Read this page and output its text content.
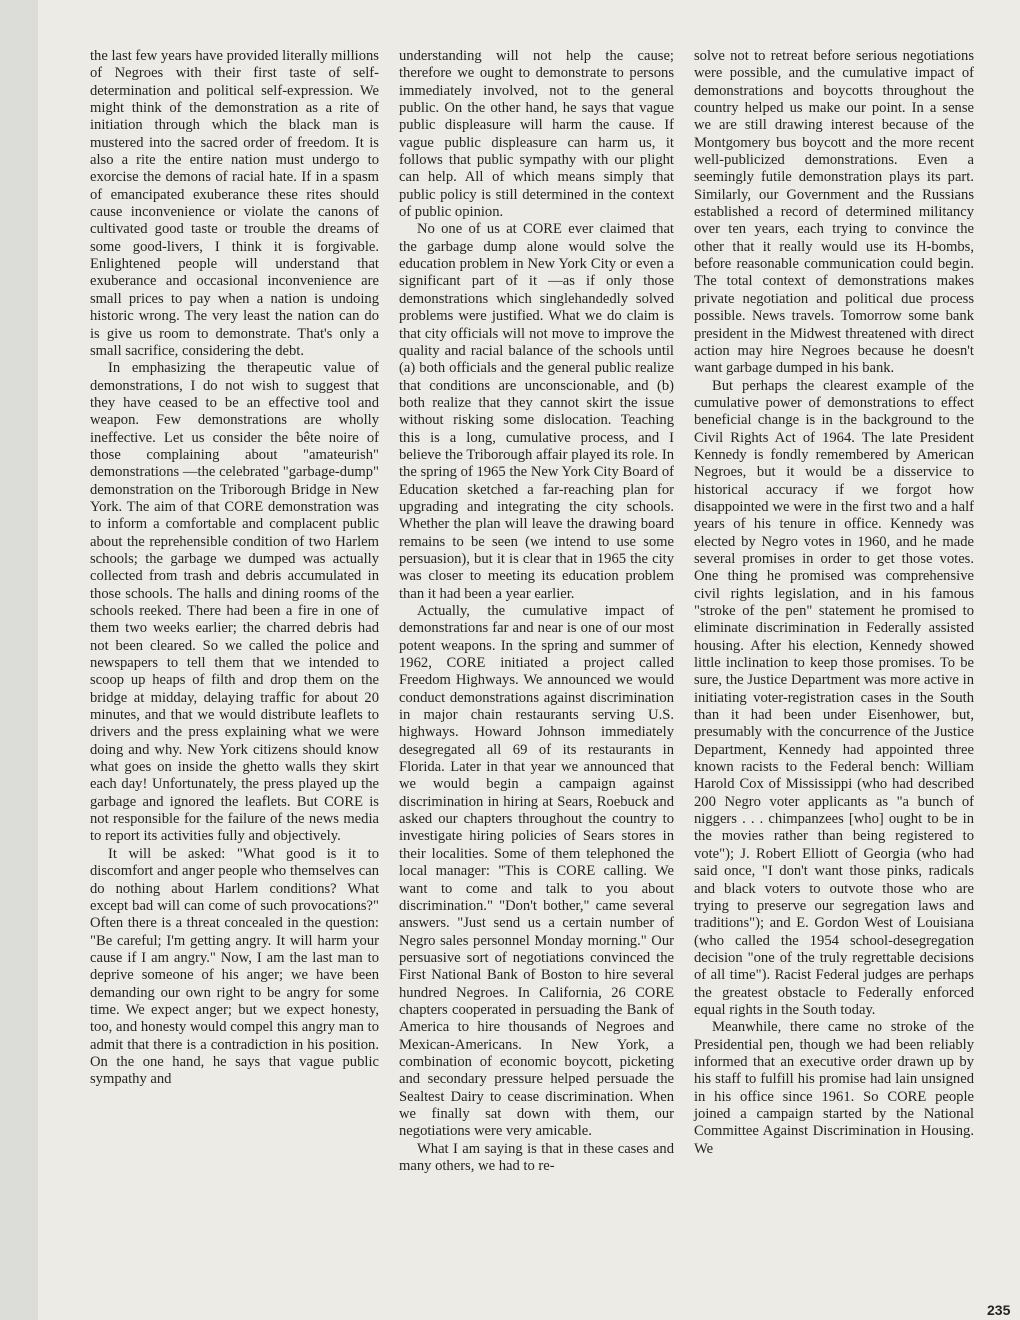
the last few years have provided literally millions of Negroes with their first taste of self-determination and political self-expression. We might think of the demonstration as a rite of initiation through which the black man is mustered into the sacred order of freedom. It is also a rite the entire nation must undergo to exorcise the demons of racial hate. If in a spasm of emancipated exuberance these rites should cause inconvenience or violate the canons of cultivated good taste or trouble the dreams of some good-livers, I think it is forgivable. Enlightened people will understand that exuberance and occasional inconvenience are small prices to pay when a nation is undoing historic wrong. The very least the nation can do is give us room to demonstrate. That's only a small sacrifice, considering the debt.

In emphasizing the therapeutic value of demonstrations, I do not wish to suggest that they have ceased to be an effective tool and weapon. Few demonstrations are wholly ineffective. Let us consider the bête noire of those complaining about "amateurish" demonstrations —the celebrated "garbage-dump" demonstration on the Triborough Bridge in New York. The aim of that CORE demonstration was to inform a comfortable and complacent public about the reprehensible condition of two Harlem schools; the garbage we dumped was actually collected from trash and debris accumulated in those schools. The halls and dining rooms of the schools reeked. There had been a fire in one of them two weeks earlier; the charred debris had not been cleared. So we called the police and newspapers to tell them that we intended to scoop up heaps of filth and drop them on the bridge at midday, delaying traffic for about 20 minutes, and that we would distribute leaflets to drivers and the press explaining what we were doing and why. New York citizens should know what goes on inside the ghetto walls they skirt each day! Unfortunately, the press played up the garbage and ignored the leaflets. But CORE is not responsible for the failure of the news media to report its activities fully and objectively.

It will be asked: "What good is it to discomfort and anger people who themselves can do nothing about Harlem conditions? What except bad will can come of such provocations?" Often there is a threat concealed in the question: "Be careful; I'm getting angry. It will harm your cause if I am angry." Now, I am the last man to deprive someone of his anger; we have been demanding our own right to be angry for some time. We expect anger; but we expect honesty, too, and honesty would compel this angry man to admit that there is a contradiction in his position. On the one hand, he says that vague public sympathy and

understanding will not help the cause; therefore we ought to demonstrate to persons immediately involved, not to the general public. On the other hand, he says that vague public displeasure will harm the cause. If vague public displeasure can harm us, it follows that public sympathy with our plight can help. All of which means simply that public policy is still determined in the context of public opinion.

No one of us at CORE ever claimed that the garbage dump alone would solve the education problem in New York City or even a significant part of it —as if only those demonstrations which singlehandedly solved problems were justified. What we do claim is that city officials will not move to improve the quality and racial balance of the schools until (a) both officials and the general public realize that conditions are unconscionable, and (b) both realize that they cannot skirt the issue without risking some dislocation. Teaching this is a long, cumulative process, and I believe the Triborough affair played its role. In the spring of 1965 the New York City Board of Education sketched a far-reaching plan for upgrading and integrating the city schools. Whether the plan will leave the drawing board remains to be seen (we intend to use some persuasion), but it is clear that in 1965 the city was closer to meeting its education problem than it had been a year earlier.

Actually, the cumulative impact of demonstrations far and near is one of our most potent weapons. In the spring and summer of 1962, CORE initiated a project called Freedom Highways. We announced we would conduct demonstrations against discrimination in major chain restaurants serving U.S. highways. Howard Johnson immediately desegregated all 69 of its restaurants in Florida. Later in that year we announced that we would begin a campaign against discrimination in hiring at Sears, Roebuck and asked our chapters throughout the country to investigate hiring policies of Sears stores in their localities. Some of them telephoned the local manager: "This is CORE calling. We want to come and talk to you about discrimination." "Don't bother," came several answers. "Just send us a certain number of Negro sales personnel Monday morning." Our persuasive sort of negotiations convinced the First National Bank of Boston to hire several hundred Negroes. In California, 26 CORE chapters cooperated in persuading the Bank of America to hire thousands of Negroes and Mexican-Americans. In New York, a combination of economic boycott, picketing and secondary pressure helped persuade the Sealtest Dairy to cease discrimination. When we finally sat down with them, our negotiations were very amicable.

What I am saying is that in these cases and many others, we had to re-

solve not to retreat before serious negotiations were possible, and the cumulative impact of demonstrations and boycotts throughout the country helped us make our point. In a sense we are still drawing interest because of the Montgomery bus boycott and the more recent well-publicized demonstrations. Even a seemingly futile demonstration plays its part. Similarly, our Government and the Russians established a record of determined militancy over ten years, each trying to convince the other that it really would use its H-bombs, before reasonable communication could begin. The total context of demonstrations makes private negotiation and political due process possible. News travels. Tomorrow some bank president in the Midwest threatened with direct action may hire Negroes because he doesn't want garbage dumped in his bank.

But perhaps the clearest example of the cumulative power of demonstrations to effect beneficial change is in the background to the Civil Rights Act of 1964. The late President Kennedy is fondly remembered by American Negroes, but it would be a disservice to historical accuracy if we forgot how disappointed we were in the first two and a half years of his tenure in office. Kennedy was elected by Negro votes in 1960, and he made several promises in order to get those votes. One thing he promised was comprehensive civil rights legislation, and in his famous "stroke of the pen" statement he promised to eliminate discrimination in Federally assisted housing. After his election, Kennedy showed little inclination to keep those promises. To be sure, the Justice Department was more active in initiating voter-registration cases in the South than it had been under Eisenhower, but, presumably with the concurrence of the Justice Department, Kennedy had appointed three known racists to the Federal bench: William Harold Cox of Mississippi (who had described 200 Negro voter applicants as "a bunch of niggers . . . chimpanzees [who] ought to be in the movies rather than being registered to vote"); J. Robert Elliott of Georgia (who had said once, "I don't want those pinks, radicals and black voters to outvote those who are trying to preserve our segregation laws and traditions"); and E. Gordon West of Louisiana (who called the 1954 school-desegregation decision "one of the truly regrettable decisions of all time"). Racist Federal judges are perhaps the greatest obstacle to Federally enforced equal rights in the South today.

Meanwhile, there came no stroke of the Presidential pen, though we had been reliably informed that an executive order drawn up by his staff to fulfill his promise had lain unsigned in his office since 1961. So CORE people joined a campaign started by the National Committee Against Discrimination in Housing. We

235
